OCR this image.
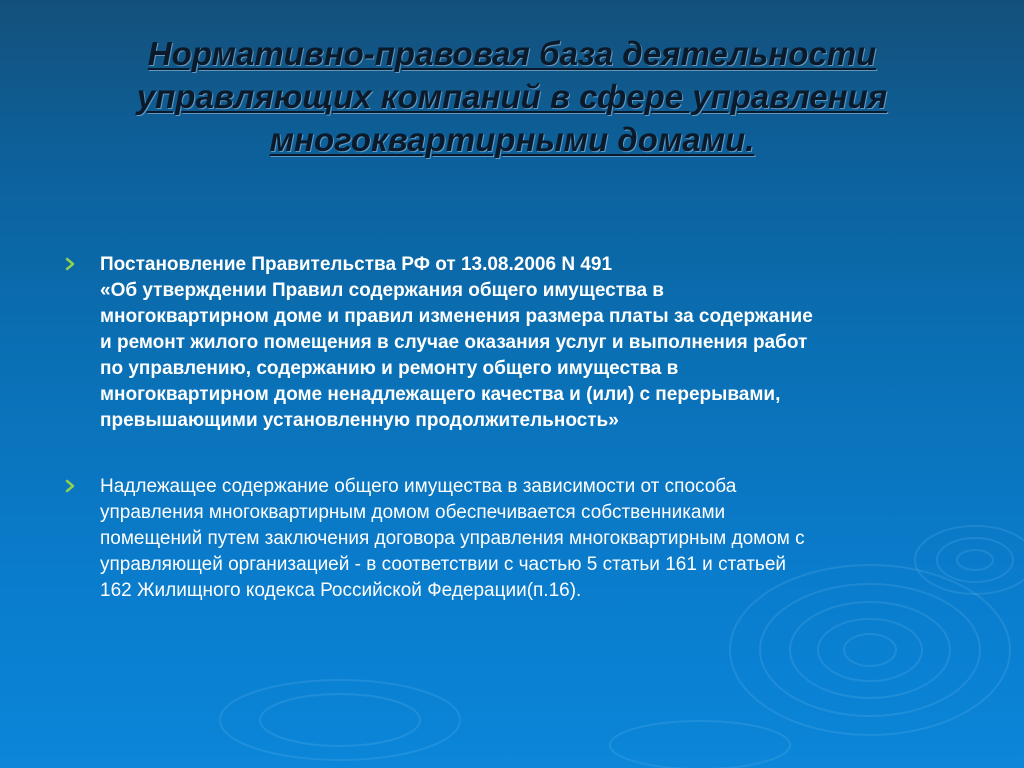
Нормативно-правовая база деятельности
управляющих компаний в сфере управления
многоквартирными домами.
Постановление Правительства РФ от 13.08.2006 N 491
«Об утверждении Правил содержания общего имущества в
многоквартирном доме и правил изменения размера платы за содержание
и ремонт жилого помещения в случае оказания услуг и выполнения работ
по управлению, содержанию и ремонту общего имущества в
многоквартирном доме ненадлежащего качества и (или) с перерывами,
превышающими установленную продолжительность»
Надлежащее содержание общего имущества в зависимости от способа
управления многоквартирным домом обеспечивается собственниками
помещений путем заключения договора управления многоквартирным домом с
управляющей организацией - в соответствии с частью 5 статьи 161 и статьей
162 Жилищного кодекса Российской Федерации(п.16).
